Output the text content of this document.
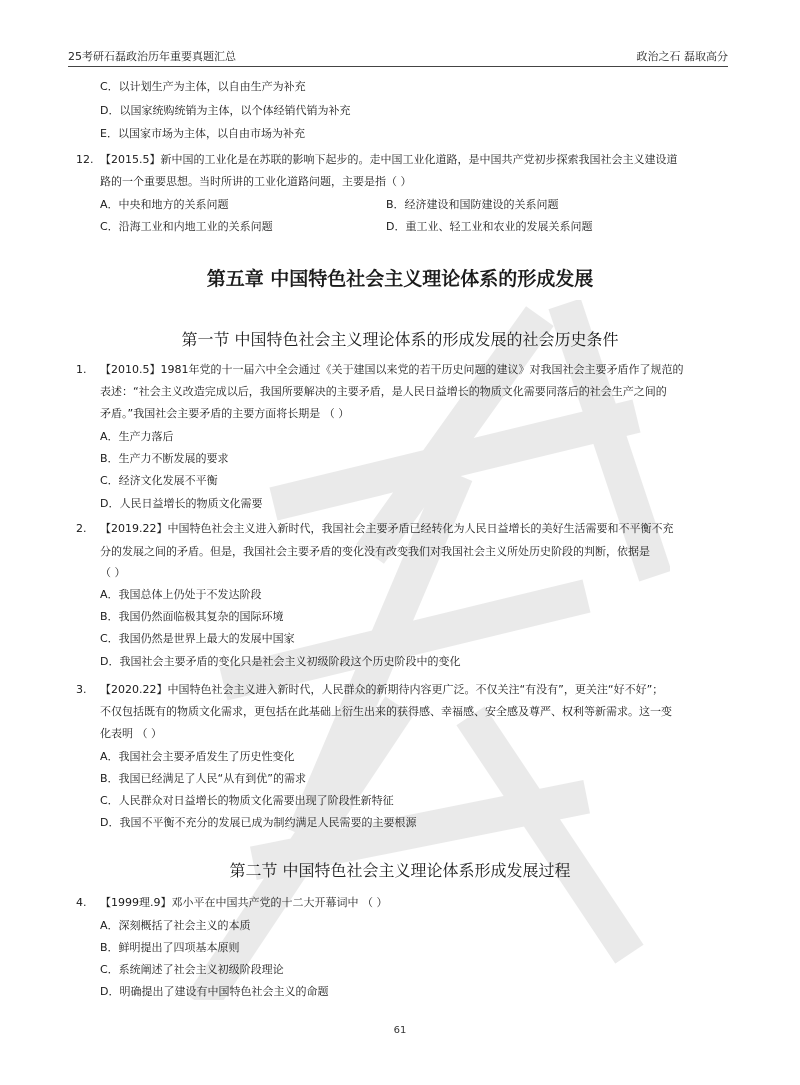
25考研石磊政治历年重要真题汇总	政治之石 磊取高分
C．以计划生产为主体，以自由生产为补充
D．以国家统购统销为主体，以个体经销代销为补充
E．以国家市场为主体，以自由市场为补充
12. 【2015.5】新中国的工业化是在苏联的影响下起步的。走中国工业化道路，是中国共产党初步探索我国社会主义建设道
路的一个重要思想。当时所讲的工业化道路问题，主要是指（ ）
A．中央和地方的关系问题	B．经济建设和国防建设的关系问题
C．沿海工业和内地工业的关系问题	D．重工业、轻工业和农业的发展关系问题
第五章 中国特色社会主义理论体系的形成发展
第一节 中国特色社会主义理论体系的形成发展的社会历史条件
1. 【2010.5】1981年党的十一届六中全会通过《关于建国以来党的若干历史问题的建议》对我国社会主要矛盾作了规范的
表述：“社会主义改造完成以后，我国所要解决的主要矛盾，是人民日益增长的物质文化需要同落后的社会生产之间的
矛盾。”我国社会主要矛盾的主要方面将长期是 （ ）
A．生产力落后
B．生产力不断发展的要求
C．经济文化发展不平衡
D．人民日益增长的物质文化需要
2. 【2019.22】中国特色社会主义进入新时代，我国社会主要矛盾已经转化为人民日益增长的美好生活需要和不平衡不充
分的发展之间的矛盾。但是，我国社会主要矛盾的变化没有改变我们对我国社会主义所处历史阶段的判断，依据是
（ ）
A．我国总体上仍处于不发达阶段
B．我国仍然面临极其复杂的国际环境
C．我国仍然是世界上最大的发展中国家
D．我国社会主要矛盾的变化只是社会主义初级阶段这个历史阶段中的变化
3. 【2020.22】中国特色社会主义进入新时代，人民群众的新期待内容更广泛。不仅关注“有没有”，更关注“好不好”；
不仅包括既有的物质文化需求，更包括在此基础上衍生出来的获得感、幸福感、安全感及尊严、权利等新需求。这一变
化表明 （ ）
A．我国社会主要矛盾发生了历史性变化
B．我国已经满足了人民“从有到优”的需求
C．人民群众对日益增长的物质文化需要出现了阶段性新特征
D．我国不平衡不充分的发展已成为制约满足人民需要的主要根源
第二节 中国特色社会主义理论体系形成发展过程
4. 【1999理.9】邓小平在中国共产党的十二大开幕词中 （ ）
A．深刻概括了社会主义的本质
B．鲜明提出了四项基本原则
C．系统阐述了社会主义初级阶段理论
D．明确提出了建设有中国特色社会主义的命题
61
